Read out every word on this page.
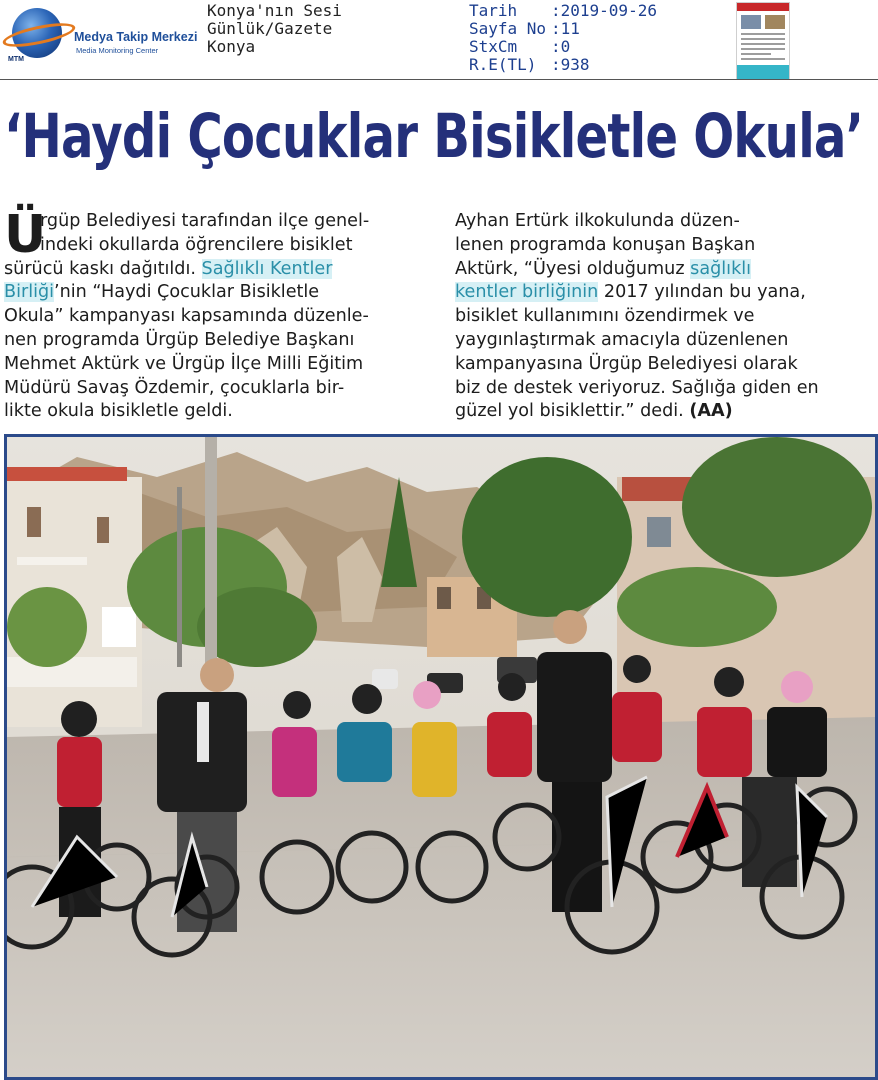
MTM
Medya Takip Merkezi
Media Monitoring Center
Konya'nın Sesi
Günlük/Gazete
Konya
Tarih :2019-09-26
Sayfa No :11
StxCm :0
R.E(TL) :938
‘Haydi Çocuklar Bisikletle Okula’
Ü
rgüp Belediyesi tarafından ilçe genel-
indeki okullarda öğrencilere bisiklet
sürücü kaskı dağıtıldı. Sağlıklı Kentler
Birliği’nin “Haydi Çocuklar Bisikletle
Okula” kampanyası kapsamında düzenle-
nen programda Ürgüp Belediye Başkanı
Mehmet Aktürk ve Ürgüp İlçe Milli Eğitim
Müdürü Savaş Özdemir, çocuklarla bir-
likte okula bisikletle geldi.
Ayhan Ertürk ilkokulunda düzen-
lenen programda konuşan Başkan
Aktürk, “Üyesi olduğumuz sağlıklı
kentler birliğinin 2017 yılından bu yana,
bisiklet kullanımını özendirmek ve
yaygınlaştırmak amacıyla düzenlenen
kampanyasına Ürgüp Belediyesi olarak
biz de destek veriyoruz. Sağlığa giden en
güzel yol bisiklettir.” dedi. (AA)
